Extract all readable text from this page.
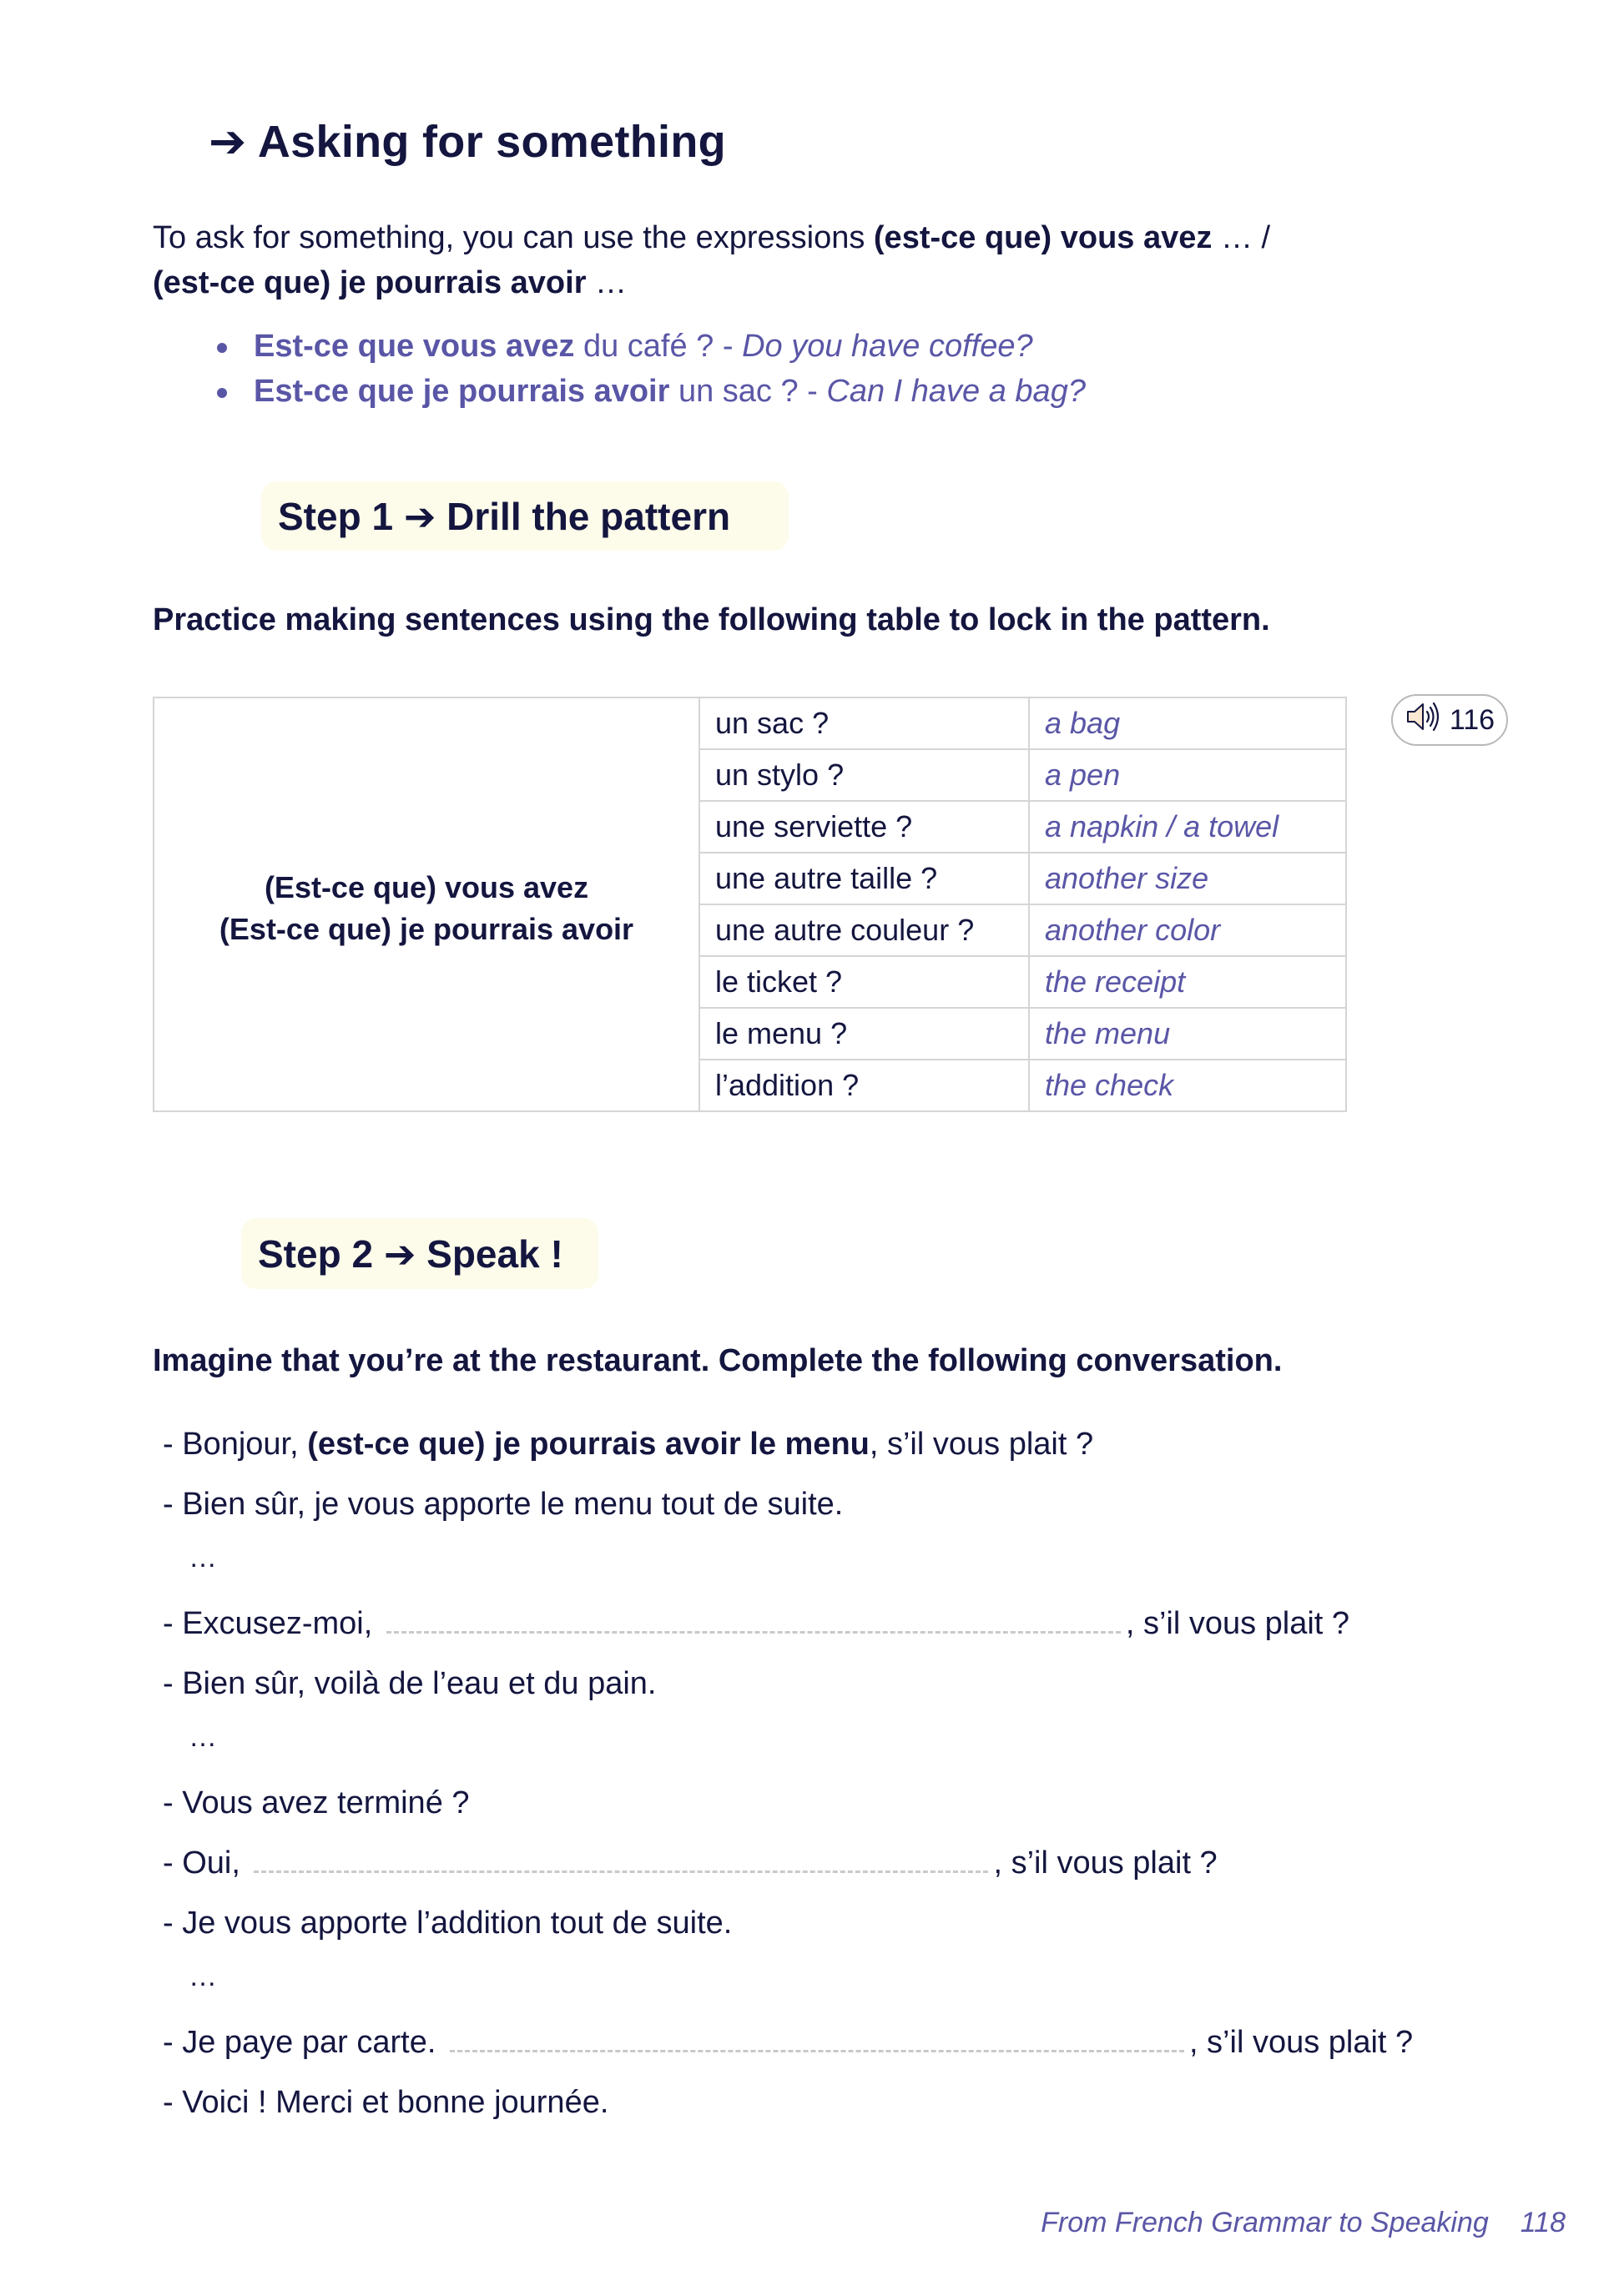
➔ Asking for something
To ask for something, you can use the expressions (est-ce que) vous avez … /
(est-ce que) je pourrais avoir …
Est-ce que vous avez du café ? - Do you have coffee?
Est-ce que je pourrais avoir un sac ? - Can I have a bag?
Step 1 ➔ Drill the pattern
Practice making sentences using the following table to lock in the pattern.
(Est-ce que) vous avez
(Est-ce que) je pourrais avoir	un sac ?	a bag
	un stylo ?	a pen
	une serviette ?	a napkin / a towel
	une autre taille ?	another size
	une autre couleur ?	another color
	le ticket ?	the receipt
	le menu ?	the menu
	l’addition ?	the check
116
Step 2 ➔ Speak !
Imagine that you’re at the restaurant. Complete the following conversation.
- Bonjour, (est-ce que) je pourrais avoir le menu, s’il vous plait ?
- Bien sûr, je vous apporte le menu tout de suite.
…
- Excusez-moi,	, s’il vous plait ?
- Bien sûr, voilà de l’eau et du pain.
…
- Vous avez terminé ?
- Oui,	, s’il vous plait ?
- Je vous apporte l’addition tout de suite.
…
- Je paye par carte.	, s’il vous plait ?
- Voici ! Merci et bonne journée.
From French Grammar to Speaking 118
